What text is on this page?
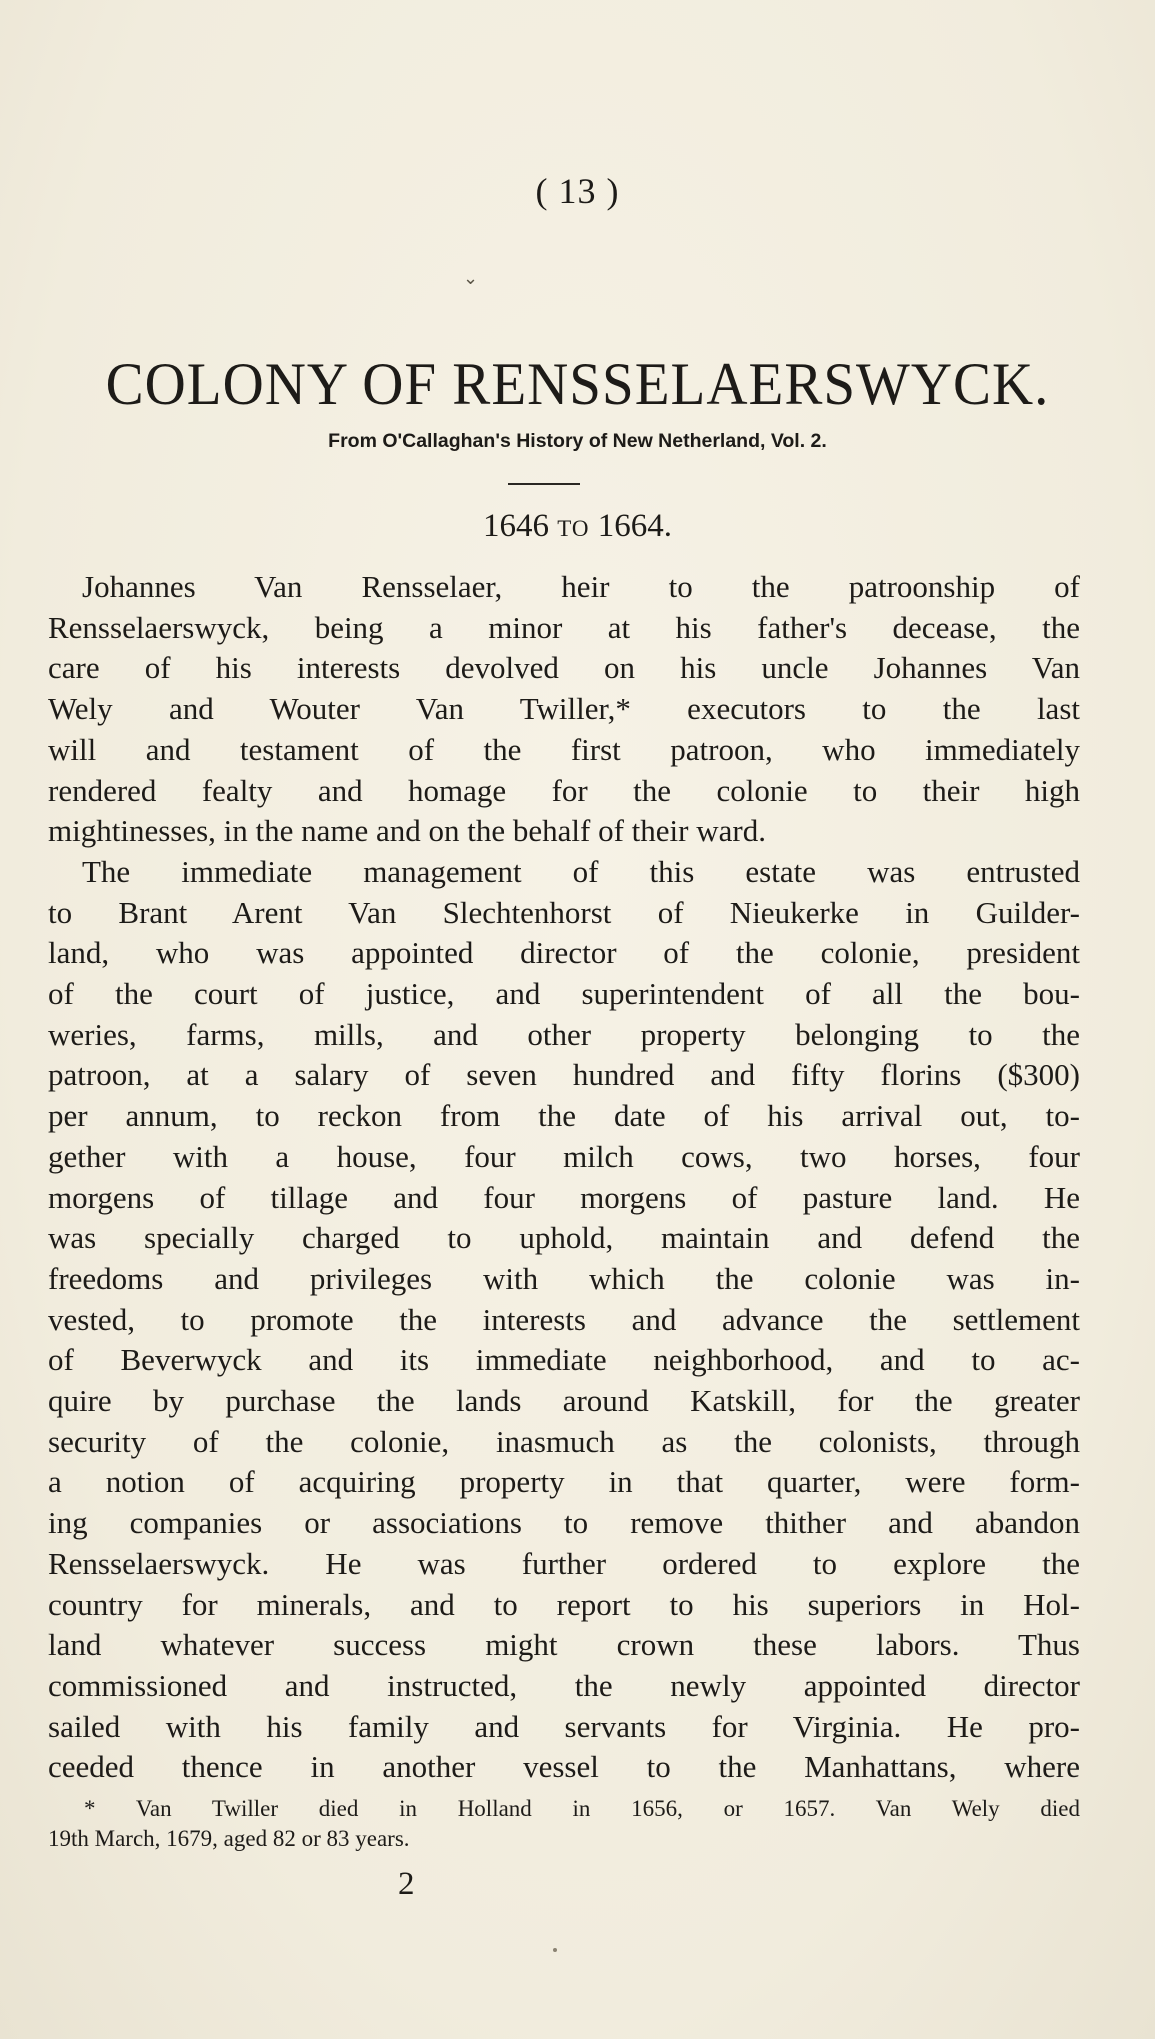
( 13 )
⌄
COLONY OF RENSSELAERSWYCK.
From O'Callaghan's History of New Netherland, Vol. 2.
1646 TO 1664.
Johannes Van Rensselaer, heir to the patroonship of
Rensselaerswyck, being a minor at his father's decease, the
care of his interests devolved on his uncle Johannes Van
Wely and Wouter Van Twiller,* executors to the last
will and testament of the first patroon, who immediately
rendered fealty and homage for the colonie to their high
mightinesses, in the name and on the behalf of their ward.
The immediate management of this estate was entrusted
to Brant Arent Van Slechtenhorst of Nieukerke in Guilder-
land, who was appointed director of the colonie, president
of the court of justice, and superintendent of all the bou-
weries, farms, mills, and other property belonging to the
patroon, at a salary of seven hundred and fifty florins ($300)
per annum, to reckon from the date of his arrival out, to-
gether with a house, four milch cows, two horses, four
morgens of tillage and four morgens of pasture land. He
was specially charged to uphold, maintain and defend the
freedoms and privileges with which the colonie was in-
vested, to promote the interests and advance the settlement
of Beverwyck and its immediate neighborhood, and to ac-
quire by purchase the lands around Katskill, for the greater
security of the colonie, inasmuch as the colonists, through
a notion of acquiring property in that quarter, were form-
ing companies or associations to remove thither and abandon
Rensselaerswyck. He was further ordered to explore the
country for minerals, and to report to his superiors in Hol-
land whatever success might crown these labors. Thus
commissioned and instructed, the newly appointed director
sailed with his family and servants for Virginia. He pro-
ceeded thence in another vessel to the Manhattans, where
* Van Twiller died in Holland in 1656, or 1657. Van Wely died
19th March, 1679, aged 82 or 83 years.
2
